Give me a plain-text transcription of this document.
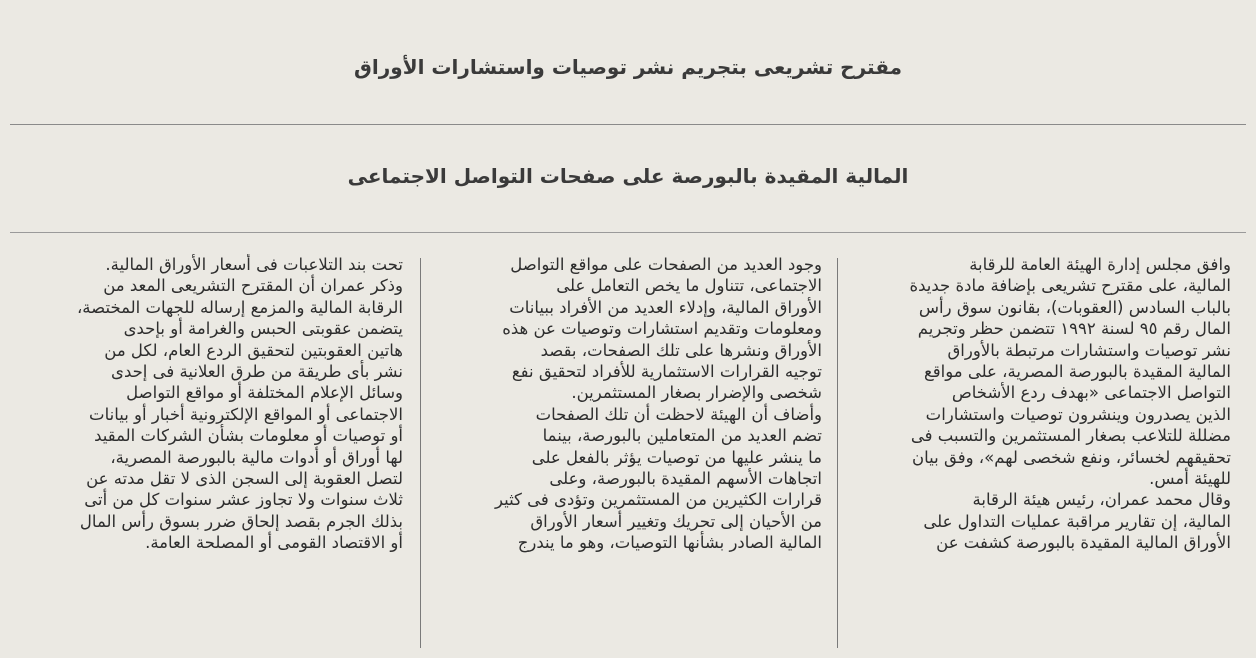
مقترح تشريعى بتجريم نشر توصيات واستشارات الأوراق
المالية المقيدة بالبورصة على صفحات التواصل الاجتماعى
وافق مجلس إدارة الهيئة العامة للرقابة
المالية، على مقترح تشريعى بإضافة مادة جديدة
بالباب السادس (العقوبات)، بقانون سوق رأس
المال رقم ٩٥ لسنة ١٩٩٢ تتضمن حظر وتجريم
نشر توصيات واستشارات مرتبطة بالأوراق
المالية المقيدة بالبورصة المصرية، على مواقع
التواصل الاجتماعى «بهدف ردع الأشخاص
الذين يصدرون وينشرون توصيات واستشارات
مضللة للتلاعب بصغار المستثمرين والتسبب فى
تحقيقهم لخسائر، ونفع شخصى لهم»، وفق بيان
للهيئة أمس.
وقال محمد عمران، رئيس هيئة الرقابة
المالية، إن تقارير مراقبة عمليات التداول على
الأوراق المالية المقيدة بالبورصة كشفت عن
وجود العديد من الصفحات على مواقع التواصل
الاجتماعى، تتناول ما يخص التعامل على
الأوراق المالية، وإدلاء العديد من الأفراد ببيانات
ومعلومات وتقديم استشارات وتوصيات عن هذه
الأوراق ونشرها على تلك الصفحات، بقصد
توجيه القرارات الاستثمارية للأفراد لتحقيق نفع
شخصى والإضرار بصغار المستثمرين.
وأضاف أن الهيئة لاحظت أن تلك الصفحات
تضم العديد من المتعاملين بالبورصة، بينما
ما ينشر عليها من توصيات يؤثر بالفعل على
اتجاهات الأسهم المقيدة بالبورصة، وعلى
قرارات الكثيرين من المستثمرين وتؤدى فى كثير
من الأحيان إلى تحريك وتغيير أسعار الأوراق
المالية الصادر بشأنها التوصيات، وهو ما يندرج
تحت بند التلاعبات فى أسعار الأوراق المالية.
وذكر عمران أن المقترح التشريعى المعد من
الرقابة المالية والمزمع إرساله للجهات المختصة،
يتضمن عقوبتى الحبس والغرامة أو بإحدى
هاتين العقوبتين لتحقيق الردع العام، لكل من
نشر بأى طريقة من طرق العلانية فى إحدى
وسائل الإعلام المختلفة أو مواقع التواصل
الاجتماعى أو المواقع الإلكترونية أخبار أو بيانات
أو توصيات أو معلومات بشأن الشركات المقيد
لها أوراق أو أدوات مالية بالبورصة المصرية،
لتصل العقوبة إلى السجن الذى لا تقل مدته عن
ثلاث سنوات ولا تجاوز عشر سنوات كل من أتى
بذلك الجرم بقصد إلحاق ضرر بسوق رأس المال
أو الاقتصاد القومى أو المصلحة العامة.
